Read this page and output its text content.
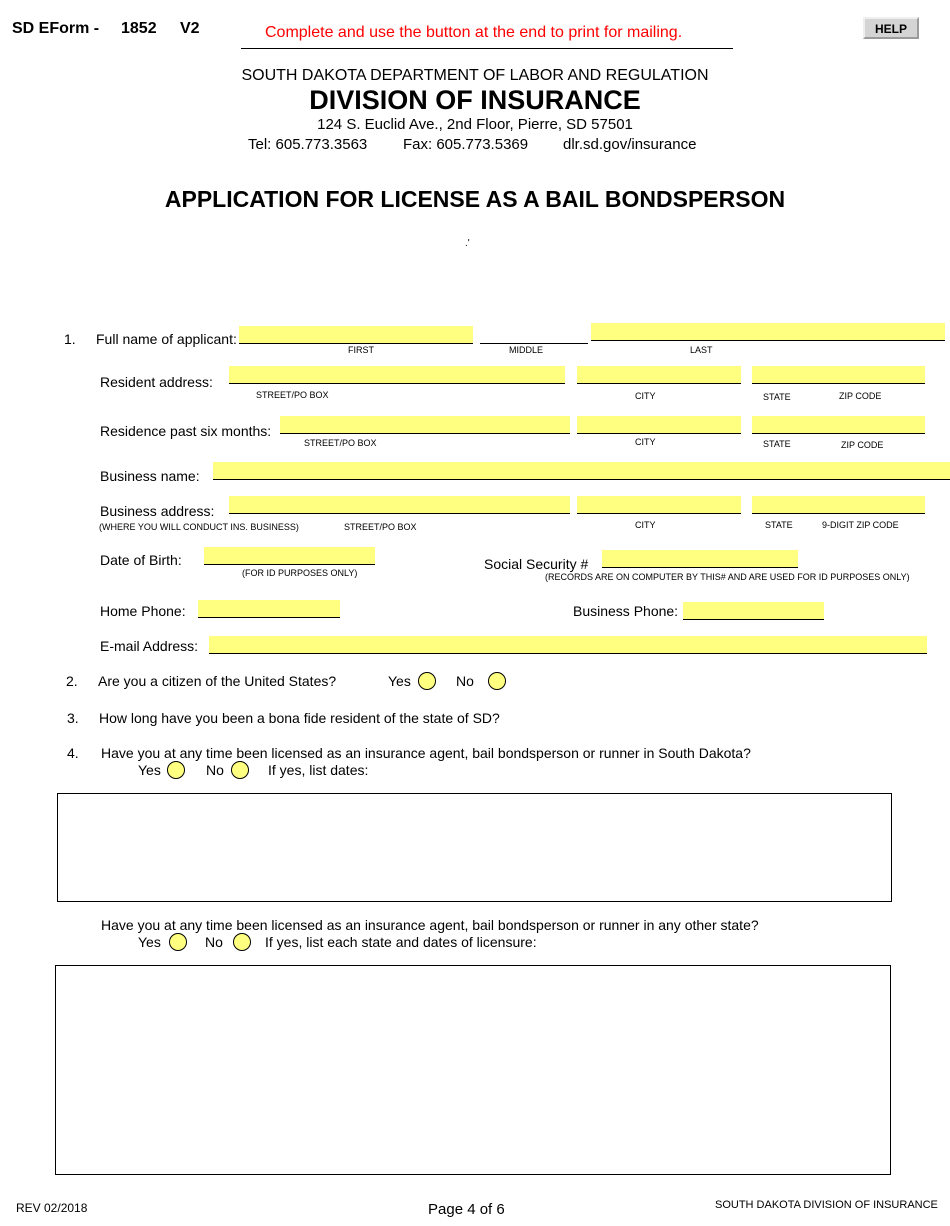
SD EForm - 1852 V2	Complete and use the button at the end to print for mailing.	HELP
SOUTH DAKOTA DEPARTMENT OF LABOR AND REGULATION
DIVISION OF INSURANCE
124 S. Euclid Ave., 2nd Floor, Pierre, SD 57501
Tel: 605.773.3563 Fax: 605.773.5369 dlr.sd.gov/insurance
APPLICATION FOR LICENSE AS A BAIL BONDSPERSON
.'
1. Full name of applicant:
FIRST	MIDDLE	LAST
Resident address:
STREET/PO BOX	CITY	STATE	ZIP CODE
Residence past six months:
STREET/PO BOX	CITY	STATE	ZIP CODE
Business name:
Business address:
(WHERE YOU WILL CONDUCT INS. BUSINESS)	STREET/PO BOX	CITY	STATE	9-DIGIT ZIP CODE
Date of Birth:
(FOR ID PURPOSES ONLY)
Social Security #
(RECORDS ARE ON COMPUTER BY THIS# AND ARE USED FOR ID PURPOSES ONLY)
Home Phone:	Business Phone:
E-mail Address:
2. Are you a citizen of the United States?	Yes	No
3. How long have you been a bona fide resident of the state of SD?
4. Have you at any time been licensed as an insurance agent, bail bondsperson or runner in South Dakota?
Yes	No	If yes, list dates:
Have you at any time been licensed as an insurance agent, bail bondsperson or runner in any other state?
Yes	No	If yes, list each state and dates of licensure:
REV 02/2018	Page 4 of 6	SOUTH DAKOTA DIVISION OF INSURANCE
